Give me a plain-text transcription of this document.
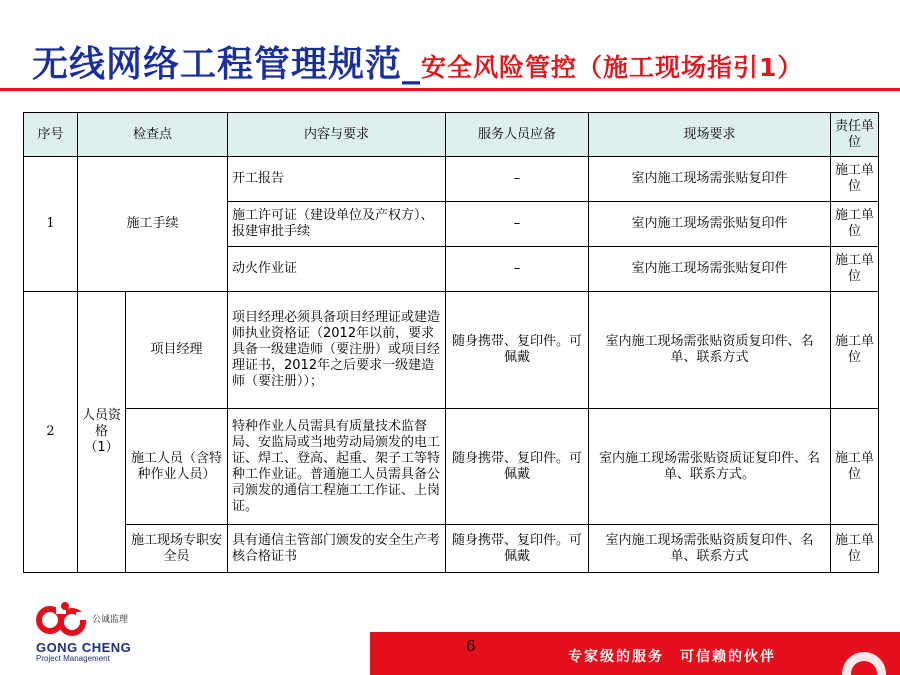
无线网络工程管理规范_安全风险管控（施工现场指引1）
序号	检查点		内容与要求	服务人员应备	现场要求	责任单位
1	施工手续		开工报告	–	室内施工现场需张贴复印件	施工单位
			施工许可证（建设单位及产权方）、报建审批手续	–	室内施工现场需张贴复印件	施工单位
			动火作业证	–	室内施工现场需张贴复印件	施工单位
2	人员资格（1）	项目经理	项目经理必须具备项目经理证或建造师执业资格证（2012年以前，要求具备一级建造师（要注册）或项目经理证书，2012年之后要求一级建造师（要注册））；	随身携带、复印件。可佩戴	室内施工现场需张贴资质复印件、名单、联系方式	施工单位
		施工人员（含特种作业人员）	特种作业人员需具有质量技术监督局、安监局或当地劳动局颁发的电工证、焊工、登高、起重、架子工等特种工作业证。普通施工人员需具备公司颁发的通信工程施工工作证、上岗证。	随身携带、复印件。可佩戴	室内施工现场需张贴资质证复印件、名单、联系方式。	施工单位
		施工现场专职安全员	具有通信主管部门颁发的安全生产考核合格证书	随身携带、复印件。可佩戴	室内施工现场需张贴资质复印件、名单、联系方式	施工单位
专家级的服务　可信赖的伙伴
6
公诚监理
GONG CHENG
Project Management
